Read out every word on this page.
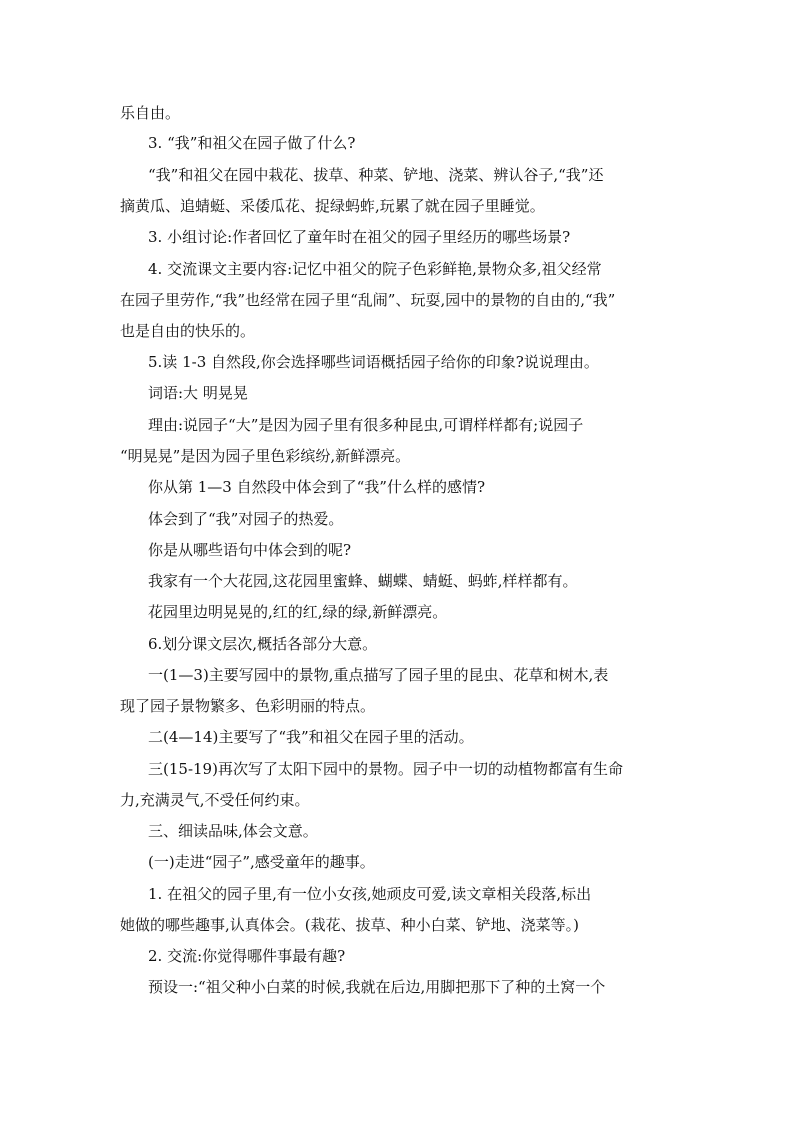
乐自由。
3. “我”和祖父在园子做了什么?
“我”和祖父在园中栽花、拔草、种菜、铲地、浇菜、辨认谷子,“我”还
摘黄瓜、追蜻蜓、采倭瓜花、捉绿蚂蚱,玩累了就在园子里睡觉。
3. 小组讨论:作者回忆了童年时在祖父的园子里经历的哪些场景?
4. 交流课文主要内容:记忆中祖父的院子色彩鲜艳,景物众多,祖父经常
在园子里劳作,“我”也经常在园子里“乱闹”、玩耍,园中的景物的自由的,“我”
也是自由的快乐的。
5.读 1-3 自然段,你会选择哪些词语概括园子给你的印象?说说理由。
词语:大 明晃晃
理由:说园子“大”是因为园子里有很多种昆虫,可谓样样都有;说园子
“明晃晃”是因为园子里色彩缤纷,新鲜漂亮。
你从第 1—3 自然段中体会到了“我”什么样的感情?
体会到了“我”对园子的热爱。
你是从哪些语句中体会到的呢?
我家有一个大花园,这花园里蜜蜂、蝴蝶、蜻蜓、蚂蚱,样样都有。
花园里边明晃晃的,红的红,绿的绿,新鲜漂亮。
6.划分课文层次,概括各部分大意。
一(1—3)主要写园中的景物,重点描写了园子里的昆虫、花草和树木,表
现了园子景物繁多、色彩明丽的特点。
二(4—14)主要写了“我”和祖父在园子里的活动。
三(15-19)再次写了太阳下园中的景物。园子中一切的动植物都富有生命
力,充满灵气,不受任何约束。
三、细读品味,体会文意。
(一)走进“园子”,感受童年的趣事。
1. 在祖父的园子里,有一位小女孩,她顽皮可爱,读文章相关段落,标出
她做的哪些趣事,认真体会。(栽花、拔草、种小白菜、铲地、浇菜等。)
2. 交流:你觉得哪件事最有趣?
预设一:“祖父种小白菜的时候,我就在后边,用脚把那下了种的土窝一个
